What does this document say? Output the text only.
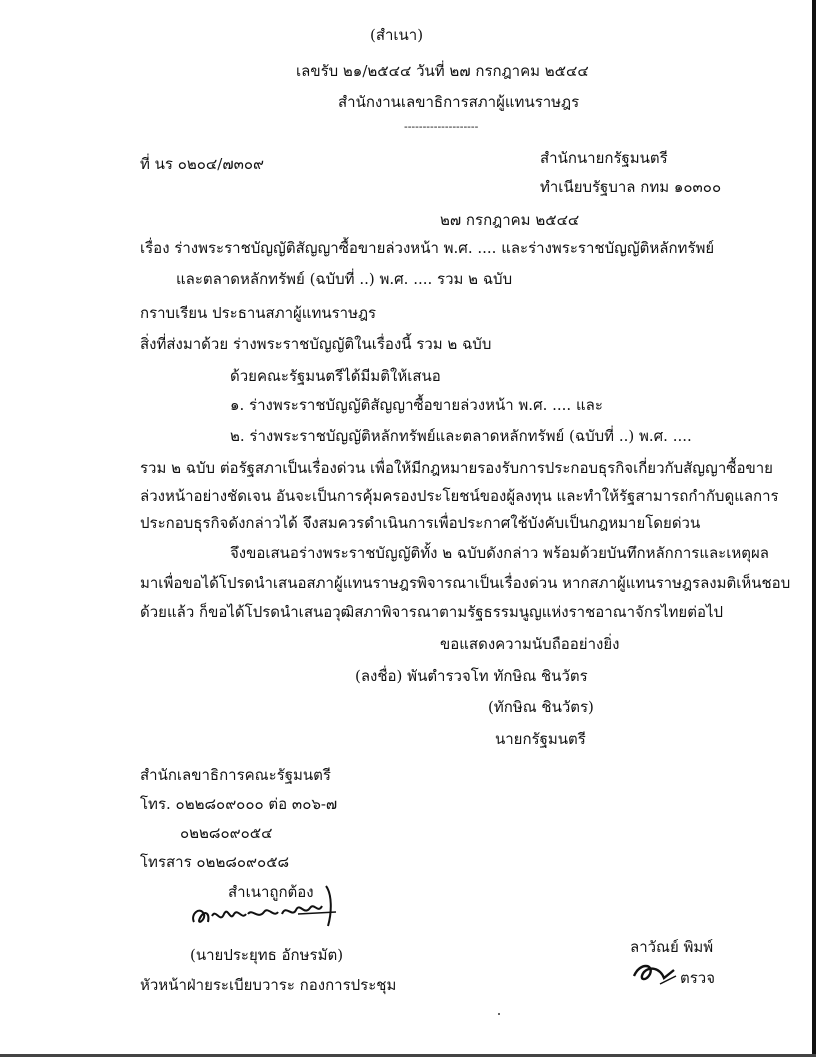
(สำเนา)
เลขรับ ๒๑/๒๕๔๔ วันที่ ๒๗ กรกฎาคม ๒๕๔๔
สำนักงานเลขาธิการสภาผู้แทนราษฎร
--------------------
ที่ นร ๐๒๐๔/๗๓๐๙	สำนักนายกรัฐมนตรี
ทำเนียบรัฐบาล กทม ๑๐๓๐๐
๒๗ กรกฎาคม ๒๕๔๔
เรื่อง ร่างพระราชบัญญัติสัญญาซื้อขายล่วงหน้า พ.ศ. .... และร่างพระราชบัญญัติหลักทรัพย์
และตลาดหลักทรัพย์ (ฉบับที่ ..) พ.ศ. .... รวม ๒ ฉบับ
กราบเรียน ประธานสภาผู้แทนราษฎร
สิ่งที่ส่งมาด้วย ร่างพระราชบัญญัติในเรื่องนี้ รวม ๒ ฉบับ
ด้วยคณะรัฐมนตรีได้มีมติให้เสนอ
๑. ร่างพระราชบัญญัติสัญญาซื้อขายล่วงหน้า พ.ศ. .... และ
๒. ร่างพระราชบัญญัติหลักทรัพย์และตลาดหลักทรัพย์ (ฉบับที่ ..) พ.ศ. ....
รวม ๒ ฉบับ ต่อรัฐสภาเป็นเรื่องด่วน เพื่อให้มีกฎหมายรองรับการประกอบธุรกิจเกี่ยวกับสัญญาซื้อขาย
ล่วงหน้าอย่างชัดเจน อันจะเป็นการคุ้มครองประโยชน์ของผู้ลงทุน และทำให้รัฐสามารถกำกับดูแลการ
ประกอบธุรกิจดังกล่าวได้ จึงสมควรดำเนินการเพื่อประกาศใช้บังคับเป็นกฎหมายโดยด่วน
จึงขอเสนอร่างพระราชบัญญัติทั้ง ๒ ฉบับดังกล่าว พร้อมด้วยบันทึกหลักการและเหตุผล
มาเพื่อขอได้โปรดนำเสนอสภาผู้แทนราษฎรพิจารณาเป็นเรื่องด่วน หากสภาผู้แทนราษฎรลงมติเห็นชอบ
ด้วยแล้ว ก็ขอได้โปรดนำเสนอวุฒิสภาพิจารณาตามรัฐธรรมนูญแห่งราชอาณาจักรไทยต่อไป
ขอแสดงความนับถืออย่างยิ่ง
(ลงชื่อ) พันตำรวจโท ทักษิณ ชินวัตร
(ทักษิณ ชินวัตร)
นายกรัฐมนตรี
สำนักเลขาธิการคณะรัฐมนตรี
โทร. ๐๒๒๘๐๙๐๐๐ ต่อ ๓๐๖-๗
๐๒๒๘๐๙๐๕๔
โทรสาร ๐๒๒๘๐๙๐๕๘
สำเนาถูกต้อง
(นายประยุทธ อักษรมัต)
หัวหน้าฝ่ายระเบียบวาระ กองการประชุม
ลาวัณย์ พิมพ์
ตรวจ
